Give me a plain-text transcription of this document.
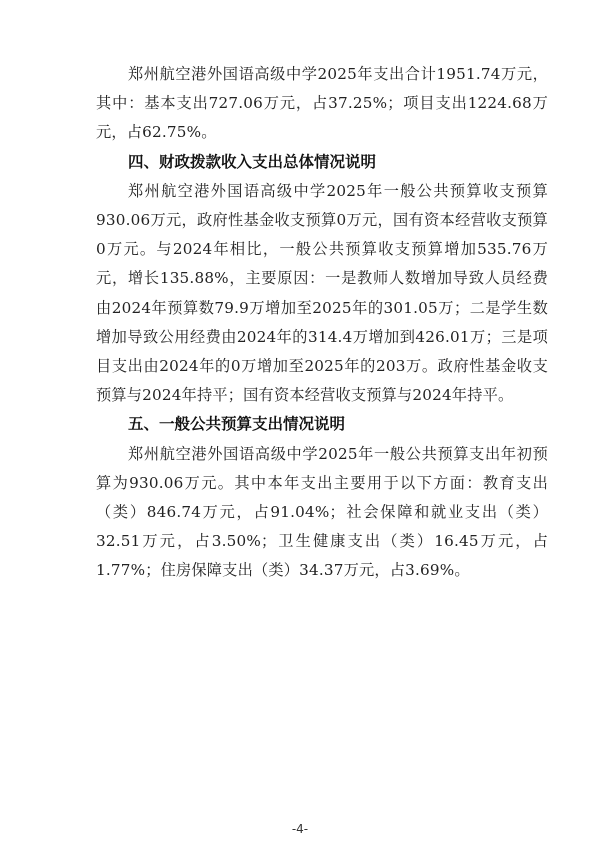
郑州航空港外国语高级中学2025年支出合计1951.74万元，其中：基本支出727.06万元，占37.25%；项目支出1224.68万元，占62.75%。

四、财政拨款收入支出总体情况说明

郑州航空港外国语高级中学2025年一般公共预算收支预算930.06万元，政府性基金收支预算0万元，国有资本经营收支预算0万元。与2024年相比，一般公共预算收支预算增加535.76万元，增长135.88%，主要原因：一是教师人数增加导致人员经费由2024年预算数79.9万增加至2025年的301.05万；二是学生数增加导致公用经费由2024年的314.4万增加到426.01万；三是项目支出由2024年的0万增加至2025年的203万。政府性基金收支预算与2024年持平；国有资本经营收支预算与2024年持平。

五、一般公共预算支出情况说明

郑州航空港外国语高级中学2025年一般公共预算支出年初预算为930.06万元。其中本年支出主要用于以下方面：教育支出（类）846.74万元，占91.04%；社会保障和就业支出（类）32.51万元，占3.50%；卫生健康支出（类）16.45万元，占1.77%；住房保障支出（类）34.37万元，占3.69%。

-4-
